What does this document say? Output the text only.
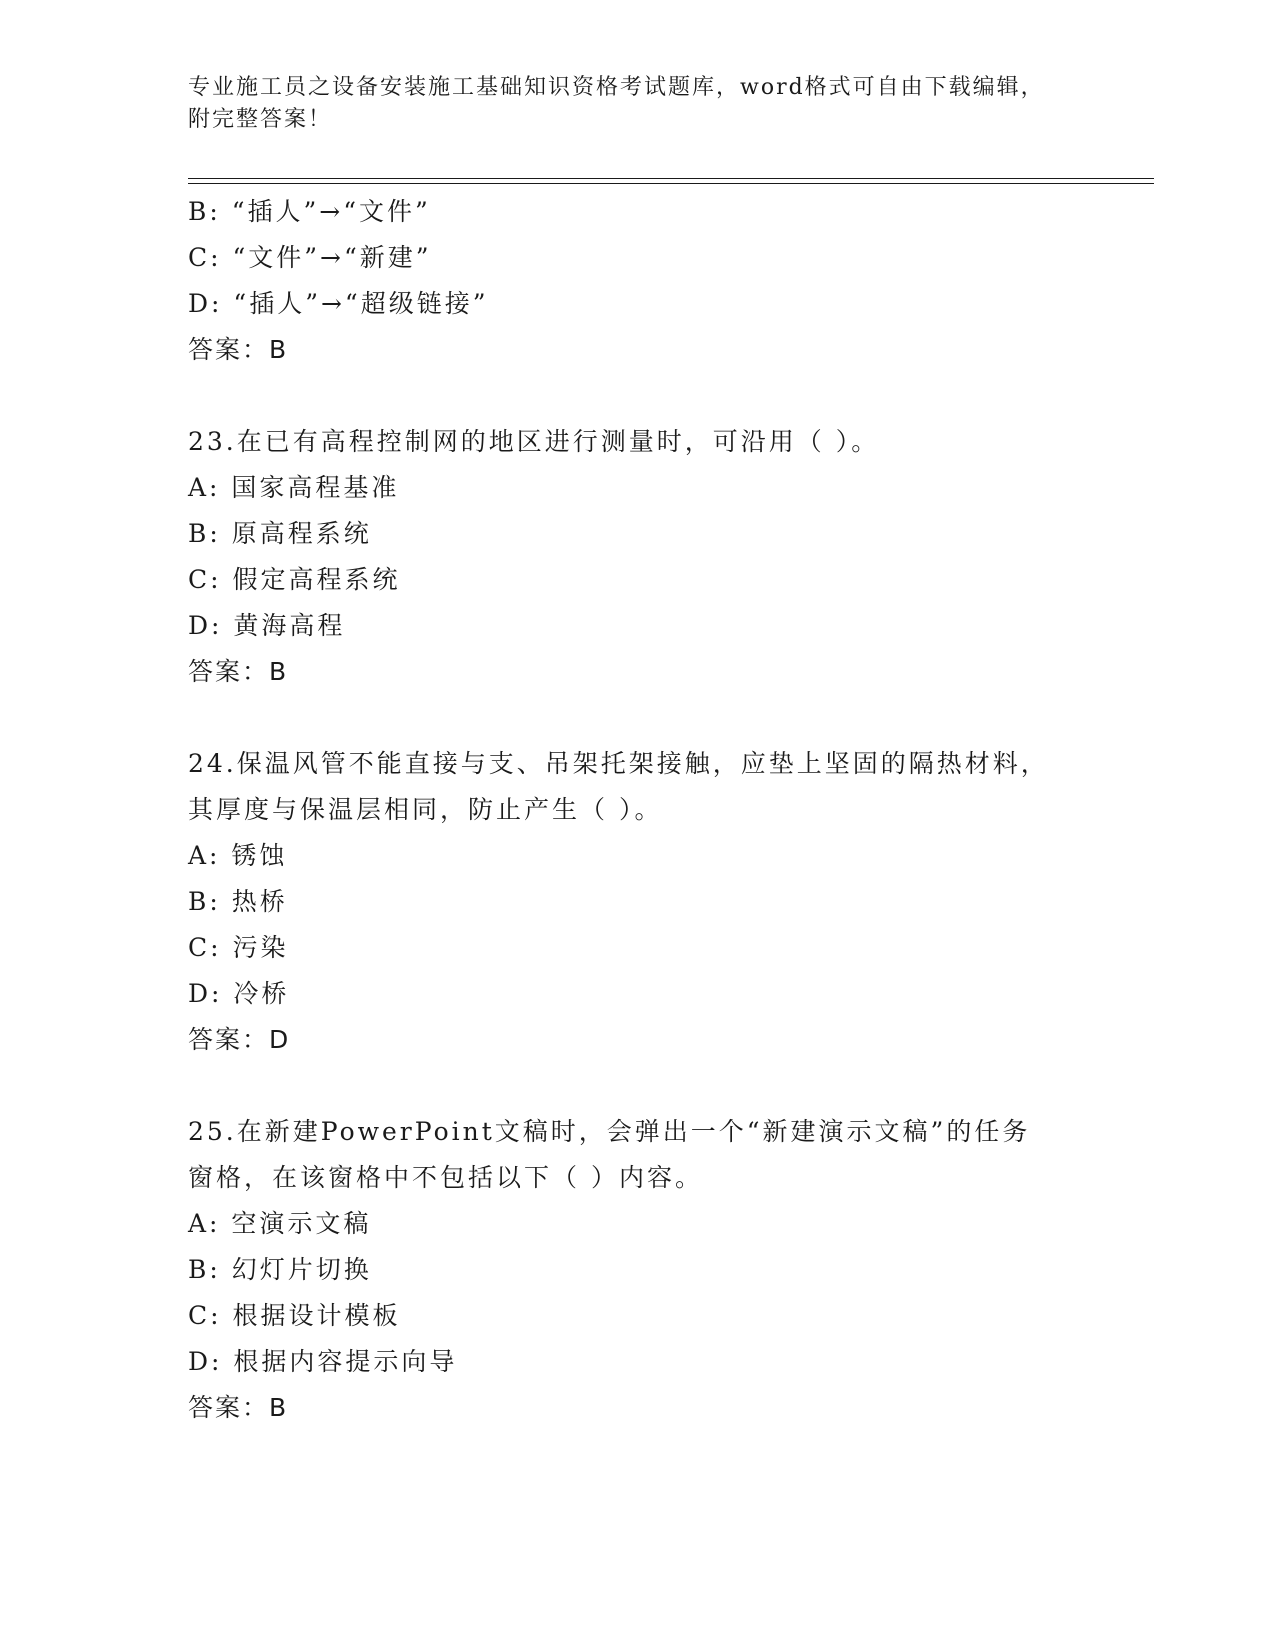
专业施工员之设备安装施工基础知识资格考试题库，word格式可自由下载编辑，
附完整答案！
B: “插人”→“文件”
C: “文件”→“新建”
D: “插人”→“超级链接”
答案：B
23.在已有高程控制网的地区进行测量时，可沿用（ ）。
A: 国家高程基准
B: 原高程系统
C: 假定高程系统
D: 黄海高程
答案：B
24.保温风管不能直接与支、吊架托架接触，应垫上坚固的隔热材料，
其厚度与保温层相同，防止产生（ ）。
A: 锈蚀
B: 热桥
C: 污染
D: 冷桥
答案：D
25.在新建PowerPoint文稿时，会弹出一个“新建演示文稿”的任务
窗格，在该窗格中不包括以下（ ）内容。
A: 空演示文稿
B: 幻灯片切换
C: 根据设计模板
D: 根据内容提示向导
答案：B
